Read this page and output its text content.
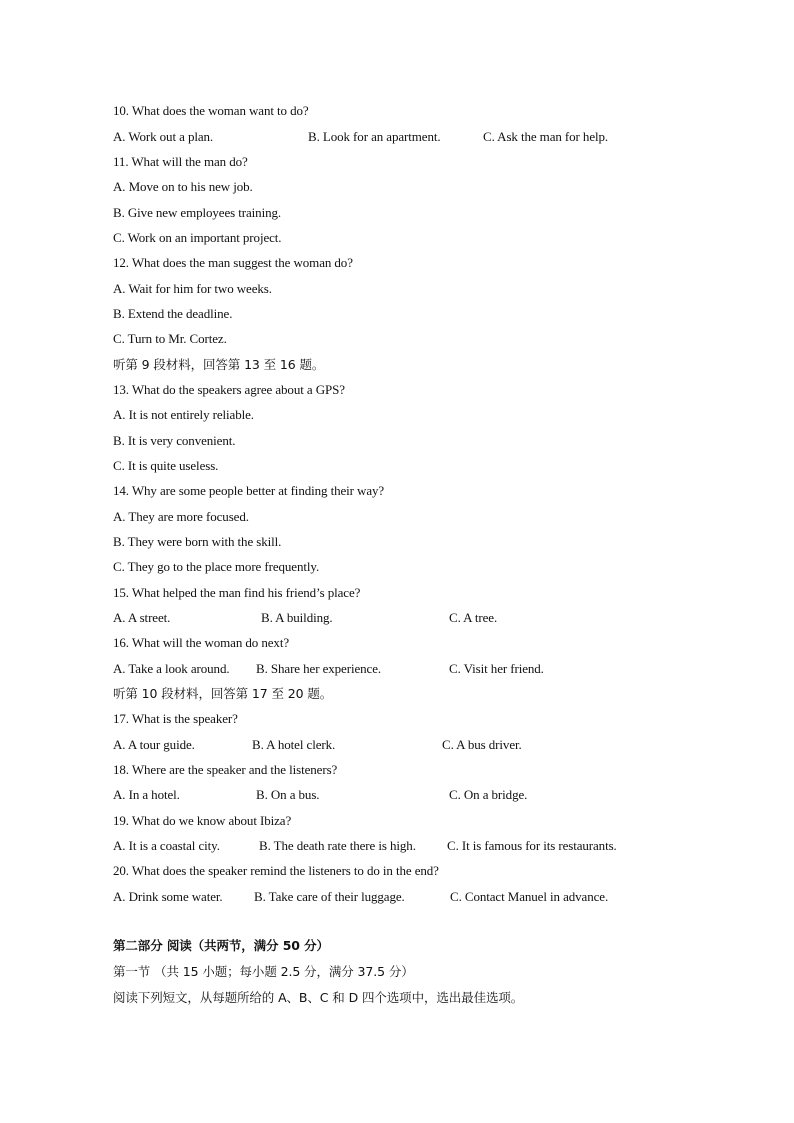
10. What does the woman want to do?
A. Work out a plan.	B. Look for an apartment.	C. Ask the man for help.
11. What will the man do?
A. Move on to his new job.
B. Give new employees training.
C. Work on an important project.
12. What does the man suggest the woman do?
A. Wait for him for two weeks.
B. Extend the deadline.
C. Turn to Mr. Cortez.
听第 9 段材料，回答第 13 至 16 题。
13. What do the speakers agree about a GPS?
A. It is not entirely reliable.
B. It is very convenient.
C. It is quite useless.
14. Why are some people better at finding their way?
A. They are more focused.
B. They were born with the skill.
C. They go to the place more frequently.
15. What helped the man find his friend’s place?
A. A street.	B. A building.	C. A tree.
16. What will the woman do next?
A. Take a look around. B. Share her experience.	C. Visit her friend.
听第 10 段材料，回答第 17 至 20 题。
17. What is the speaker?
A. A tour guide.	B. A hotel clerk.	C. A bus driver.
18. Where are the speaker and the listeners?
A. In a hotel.	B. On a bus.	C. On a bridge.
19. What do we know about Ibiza?
A. It is a coastal city.	B. The death rate there is high. C. It is famous for its restaurants.
20. What does the speaker remind the listeners to do in the end?
A. Drink some water. B. Take care of their luggage.	C. Contact Manuel in advance.
第二部分 阅读（共两节，满分 50 分）
第一节 （共 15 小题；每小题 2.5 分，满分 37.5 分）
阅读下列短文，从每题所给的 A、B、C 和 D 四个选项中，选出最佳选项。
